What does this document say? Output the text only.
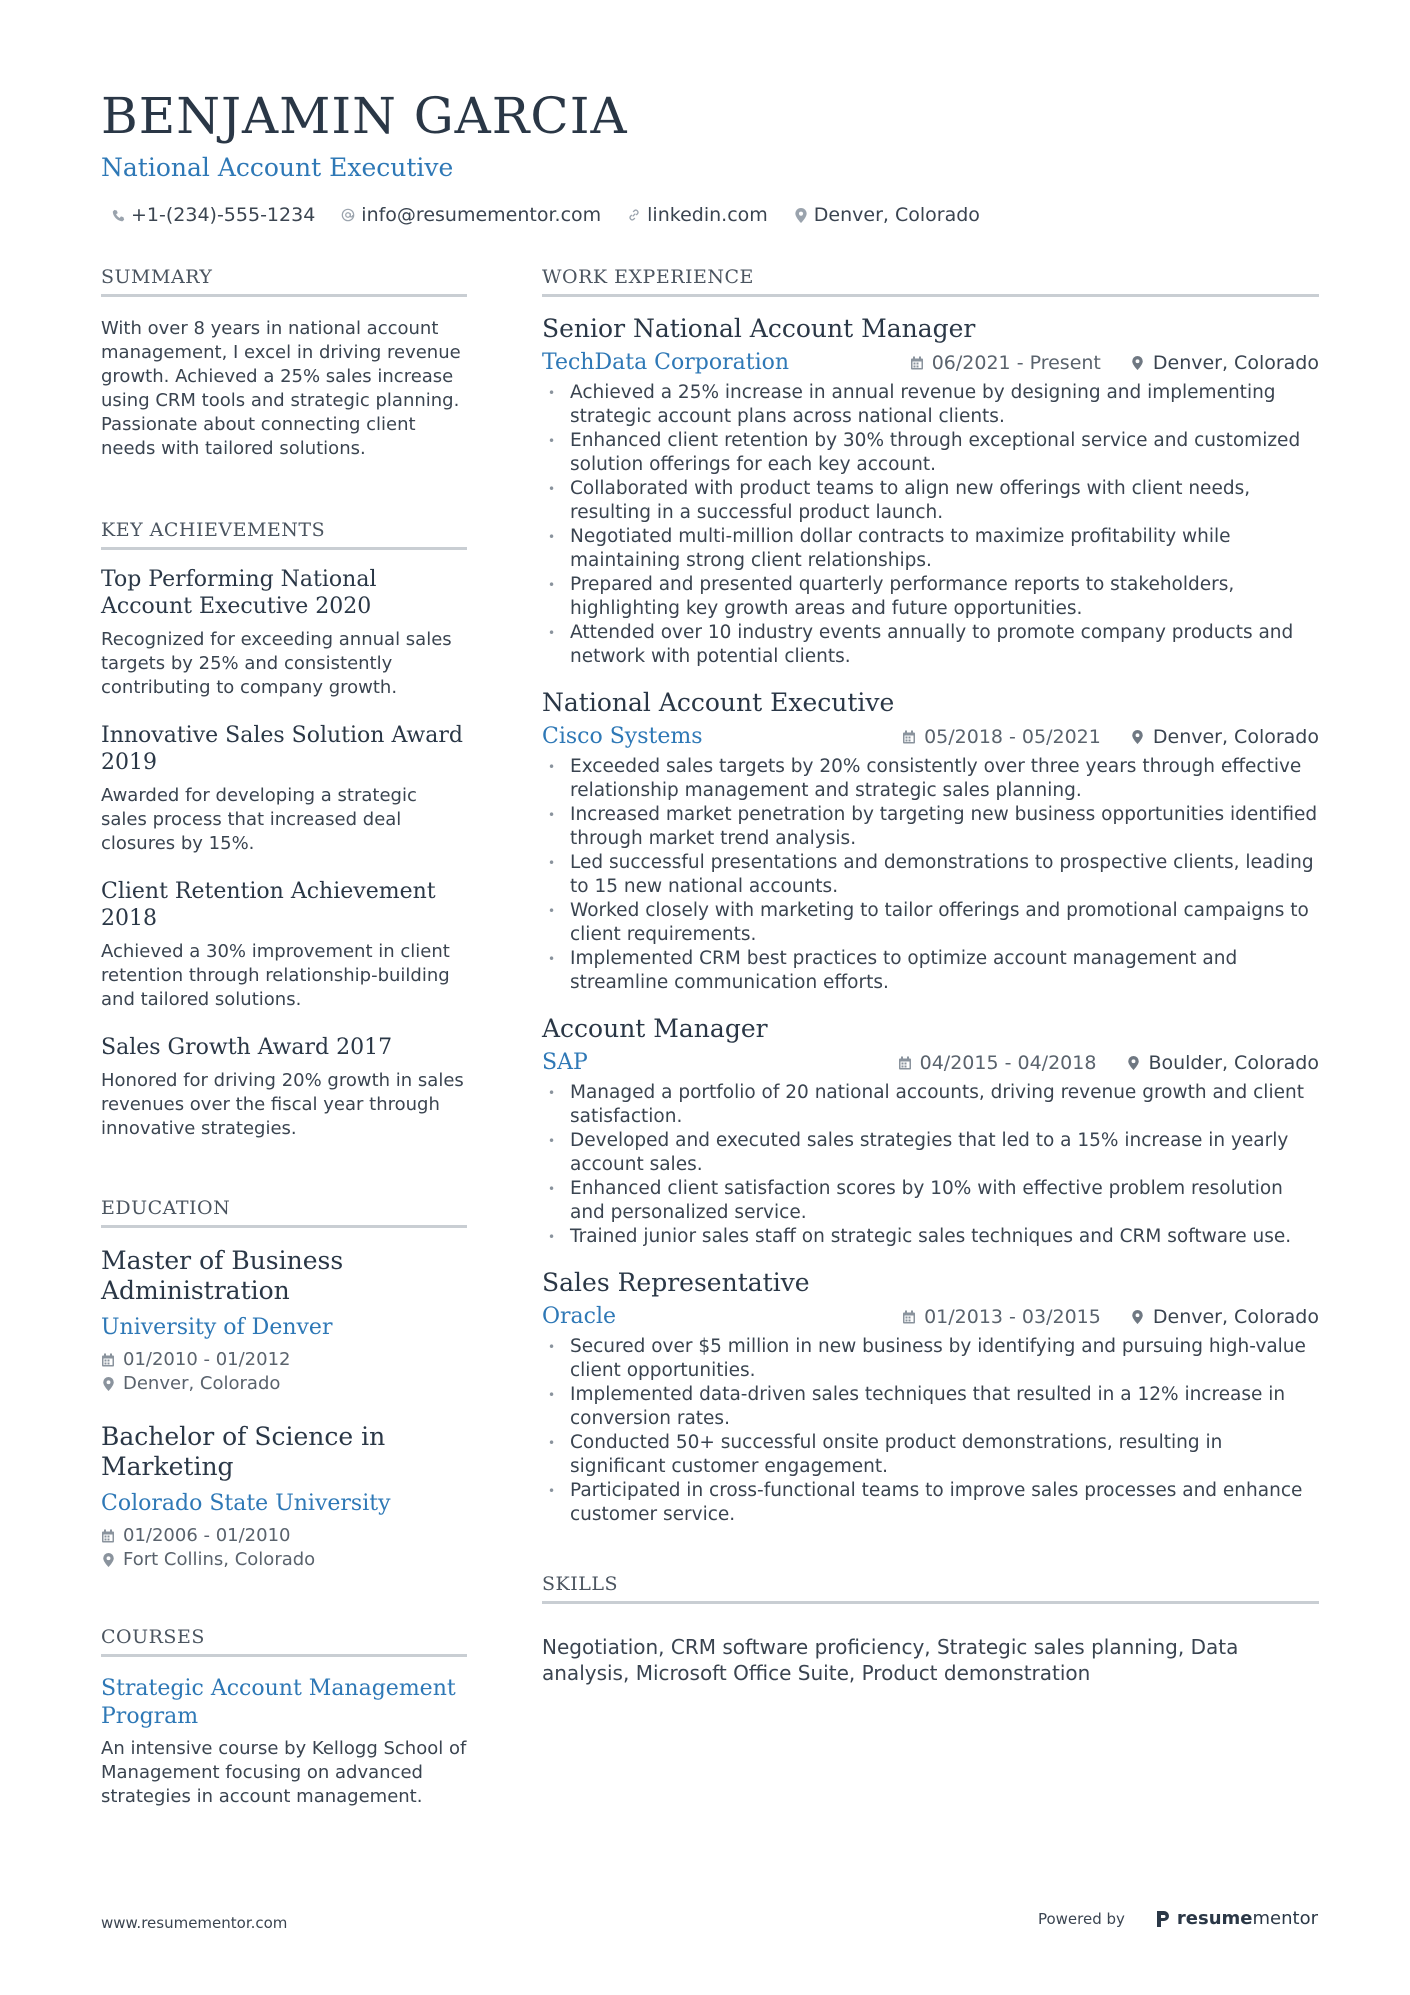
BENJAMIN GARCIA
National Account Executive
+1-(234)-555-1234 info@resumementor.com linkedin.com Denver, Colorado
SUMMARY
With over 8 years in national account management, I excel in driving revenue growth. Achieved a 25% sales increase using CRM tools and strategic planning. Passionate about connecting client needs with tailored solutions.
KEY ACHIEVEMENTS
Top Performing National Account Executive 2020
Recognized for exceeding annual sales targets by 25% and consistently contributing to company growth.
Innovative Sales Solution Award 2019
Awarded for developing a strategic sales process that increased deal closures by 15%.
Client Retention Achievement 2018
Achieved a 30% improvement in client retention through relationship-building and tailored solutions.
Sales Growth Award 2017
Honored for driving 20% growth in sales revenues over the fiscal year through innovative strategies.
EDUCATION
Master of Business Administration
University of Denver
01/2010 - 01/2012
Denver, Colorado
Bachelor of Science in Marketing
Colorado State University
01/2006 - 01/2010
Fort Collins, Colorado
COURSES
Strategic Account Management Program
An intensive course by Kellogg School of Management focusing on advanced strategies in account management.
WORK EXPERIENCE
Senior National Account Manager
TechData Corporation	06/2021 - Present	Denver, Colorado
• Achieved a 25% increase in annual revenue by designing and implementing strategic account plans across national clients.
• Enhanced client retention by 30% through exceptional service and customized solution offerings for each key account.
• Collaborated with product teams to align new offerings with client needs, resulting in a successful product launch.
• Negotiated multi-million dollar contracts to maximize profitability while maintaining strong client relationships.
• Prepared and presented quarterly performance reports to stakeholders, highlighting key growth areas and future opportunities.
• Attended over 10 industry events annually to promote company products and network with potential clients.
National Account Executive
Cisco Systems	05/2018 - 05/2021	Denver, Colorado
• Exceeded sales targets by 20% consistently over three years through effective relationship management and strategic sales planning.
• Increased market penetration by targeting new business opportunities identified through market trend analysis.
• Led successful presentations and demonstrations to prospective clients, leading to 15 new national accounts.
• Worked closely with marketing to tailor offerings and promotional campaigns to client requirements.
• Implemented CRM best practices to optimize account management and streamline communication efforts.
Account Manager
SAP	04/2015 - 04/2018	Boulder, Colorado
• Managed a portfolio of 20 national accounts, driving revenue growth and client satisfaction.
• Developed and executed sales strategies that led to a 15% increase in yearly account sales.
• Enhanced client satisfaction scores by 10% with effective problem resolution and personalized service.
• Trained junior sales staff on strategic sales techniques and CRM software use.
Sales Representative
Oracle	01/2013 - 03/2015	Denver, Colorado
• Secured over $5 million in new business by identifying and pursuing high-value client opportunities.
• Implemented data-driven sales techniques that resulted in a 12% increase in conversion rates.
• Conducted 50+ successful onsite product demonstrations, resulting in significant customer engagement.
• Participated in cross-functional teams to improve sales processes and enhance customer service.
SKILLS
Negotiation, CRM software proficiency, Strategic sales planning, Data analysis, Microsoft Office Suite, Product demonstration
www.resumementor.com	Powered by	resumementor
